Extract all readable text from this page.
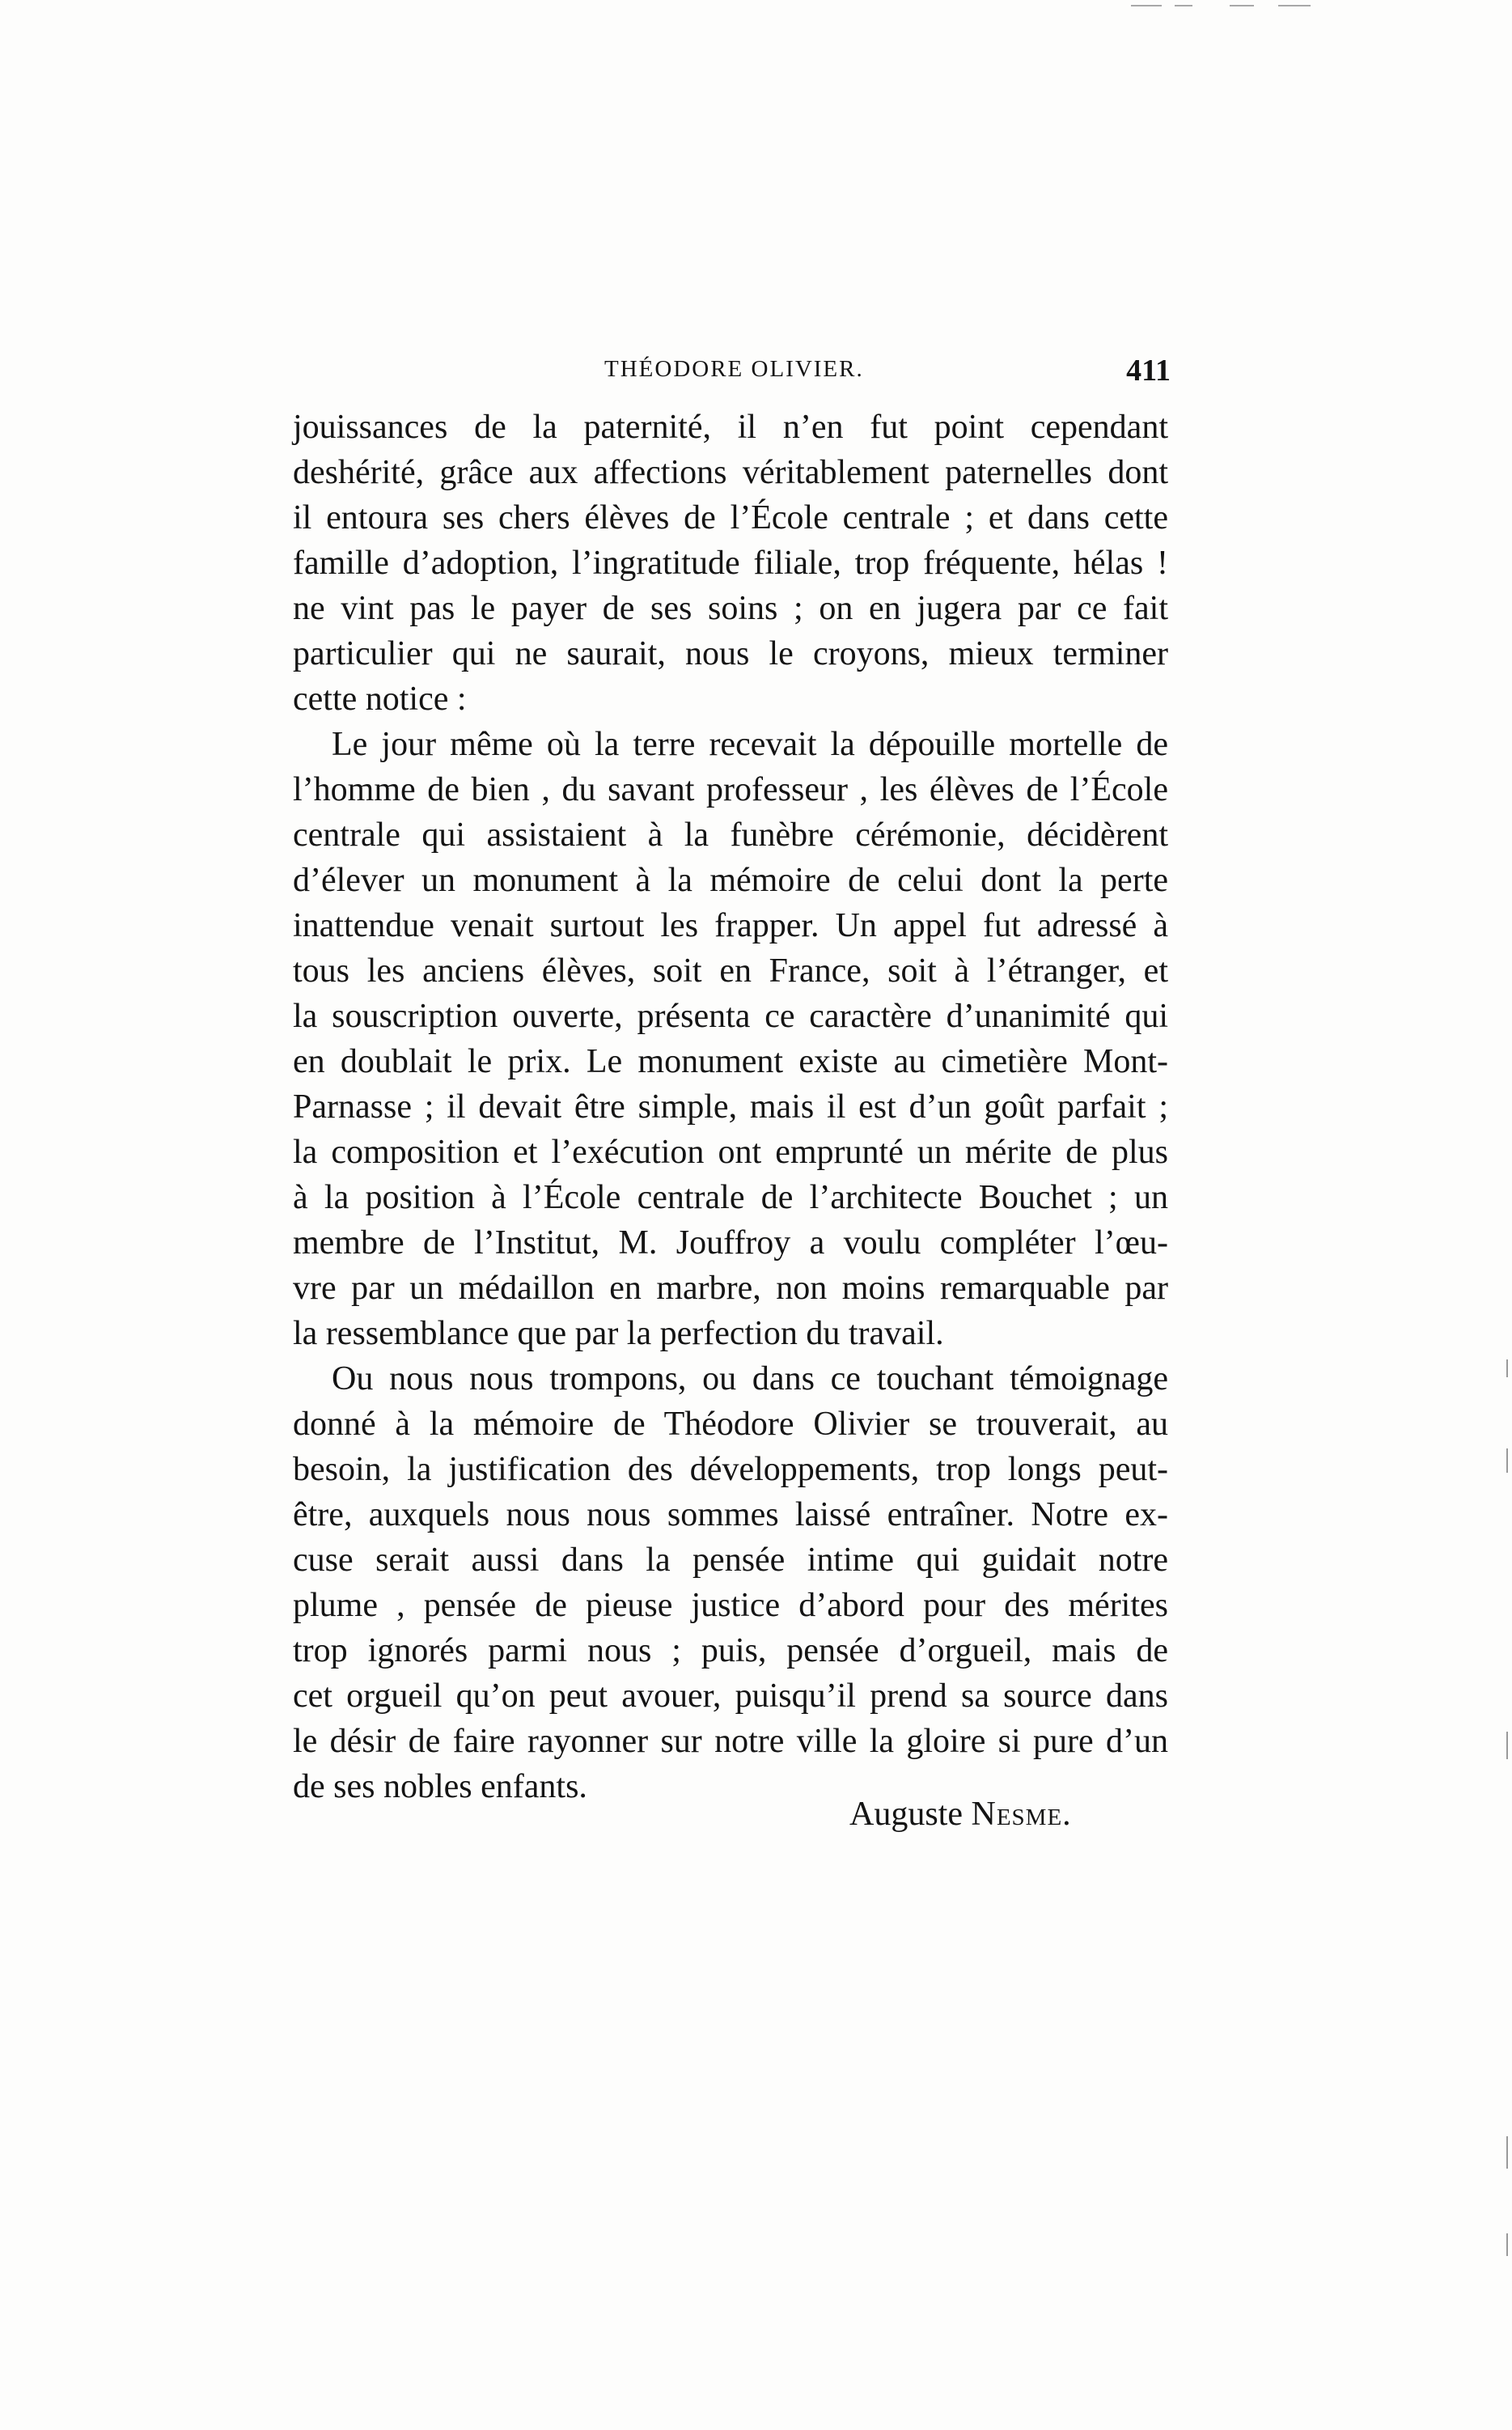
THÉODORE OLIVIER.	411
jouissances de la paternité, il n’en fut point cependant
deshérité, grâce aux affections véritablement paternelles dont
il entoura ses chers élèves de l’École centrale ; et dans cette
famille d’adoption, l’ingratitude filiale, trop fréquente, hélas !
ne vint pas le payer de ses soins ; on en jugera par ce fait
particulier qui ne saurait, nous le croyons, mieux terminer
cette notice :
Le jour même où la terre recevait la dépouille mortelle de
l’homme de bien , du savant professeur , les élèves de l’École
centrale qui assistaient à la funèbre cérémonie, décidèrent
d’élever un monument à la mémoire de celui dont la perte
inattendue venait surtout les frapper. Un appel fut adressé à
tous les anciens élèves, soit en France, soit à l’étranger, et
la souscription ouverte, présenta ce caractère d’unanimité qui
en doublait le prix. Le monument existe au cimetière Mont-
Parnasse ; il devait être simple, mais il est d’un goût parfait ;
la composition et l’exécution ont emprunté un mérite de plus
à la position à l’École centrale de l’architecte Bouchet ; un
membre de l’Institut, M. Jouffroy a voulu compléter l’œu-
vre par un médaillon en marbre, non moins remarquable par
la ressemblance que par la perfection du travail.
Ou nous nous trompons, ou dans ce touchant témoignage
donné à la mémoire de Théodore Olivier se trouverait, au
besoin, la justification des développements, trop longs peut-
être, auxquels nous nous sommes laissé entraîner. Notre ex-
cuse serait aussi dans la pensée intime qui guidait notre
plume , pensée de pieuse justice d’abord pour des mérites
trop ignorés parmi nous ; puis, pensée d’orgueil, mais de
cet orgueil qu’on peut avouer, puisqu’il prend sa source dans
le désir de faire rayonner sur notre ville la gloire si pure d’un
de ses nobles enfants.
Auguste Nesme.
